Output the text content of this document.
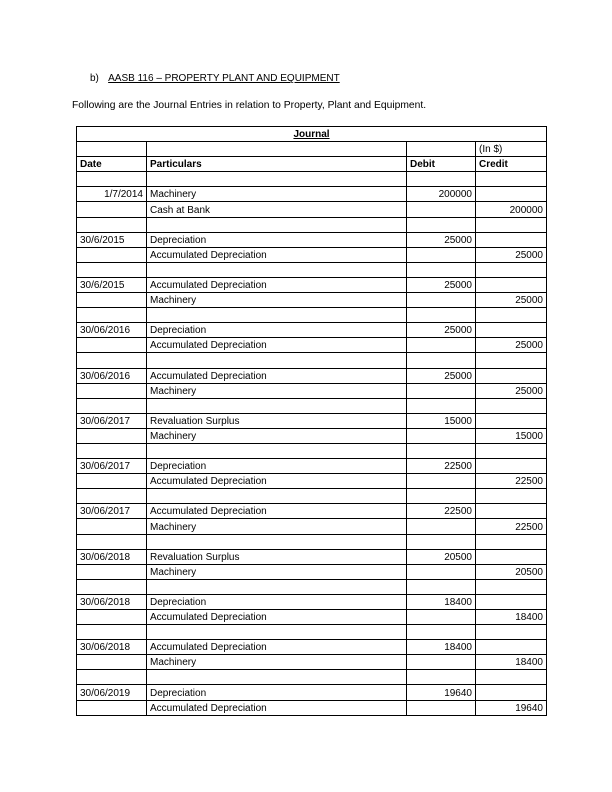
b) AASB 116 – PROPERTY PLANT AND EQUIPMENT
Following are the Journal Entries in relation to Property, Plant and Equipment.
Journal			
			(In $)
Date	Particulars	Debit	Credit

1/7/2014	Machinery	200000	
	Cash at Bank		200000

30/6/2015	Depreciation	25000	
	Accumulated Depreciation		25000

30/6/2015	Accumulated Depreciation	25000	
	Machinery		25000

30/06/2016	Depreciation	25000	
	Accumulated Depreciation		25000

30/06/2016	Accumulated Depreciation	25000	
	Machinery		25000

30/06/2017	Revaluation Surplus	15000	
	Machinery		15000

30/06/2017	Depreciation	22500	
	Accumulated Depreciation		22500

30/06/2017	Accumulated Depreciation	22500	
	Machinery		22500

30/06/2018	Revaluation Surplus	20500	
	Machinery		20500

30/06/2018	Depreciation	18400	
	Accumulated Depreciation		18400

30/06/2018	Accumulated Depreciation	18400	
	Machinery		18400

30/06/2019	Depreciation	19640	
	Accumulated Depreciation		19640
